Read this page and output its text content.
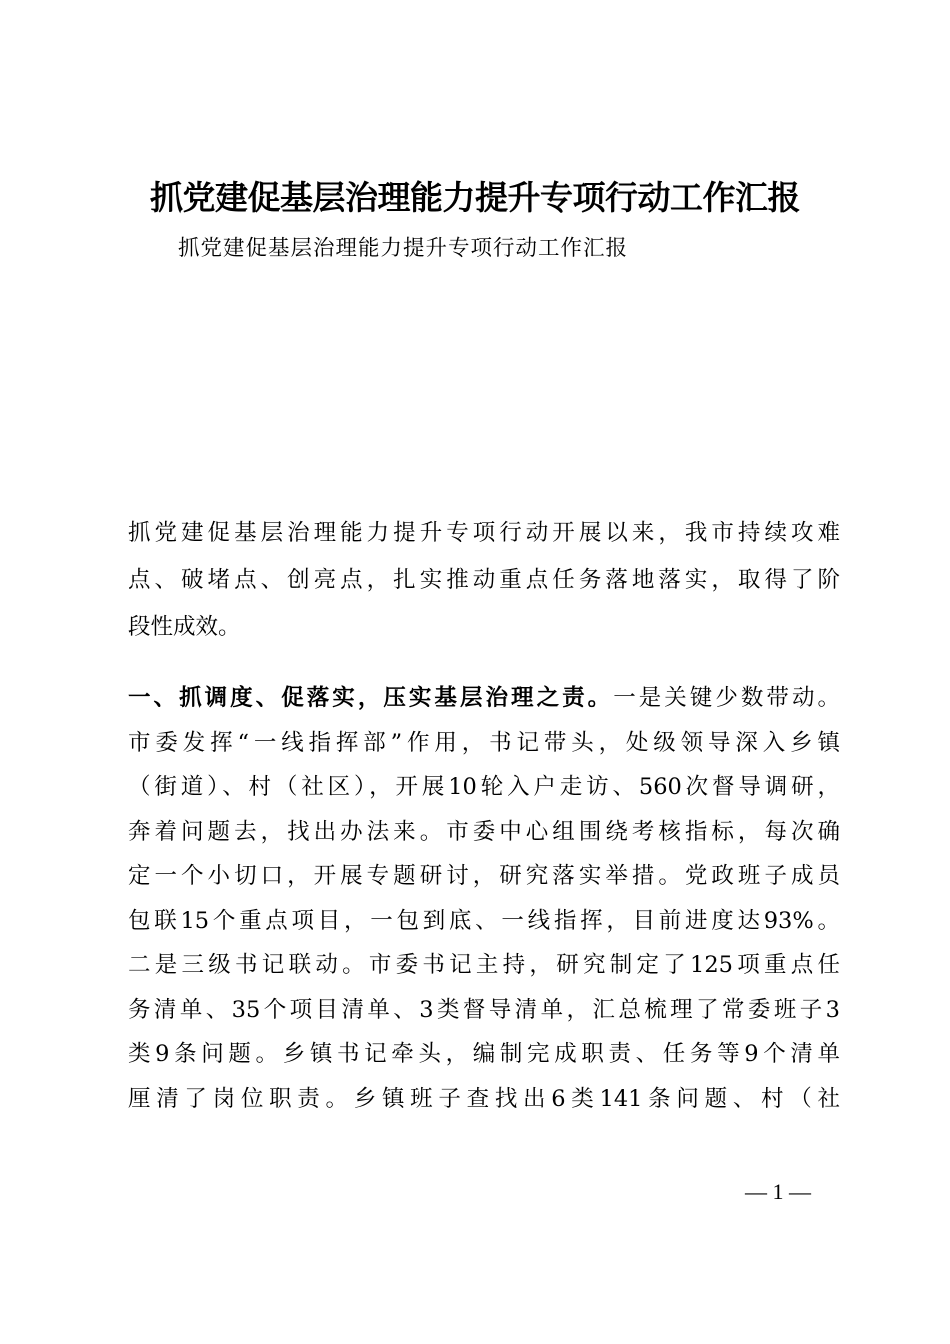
抓党建促基层治理能力提升专项行动工作汇报

抓党建促基层治理能力提升专项行动工作汇报

抓党建促基层治理能力提升专项行动开展以来，我市持续攻难
点、破堵点、创亮点，扎实推动重点任务落地落实，取得了阶
段性成效。
一、抓调度、促落实，压实基层治理之责。一是关键少数带动。
市委发挥“一线指挥部”作用，书记带头，处级领导深入乡镇
（街道）、村（社区），开展10轮入户走访、560次督导调研，
奔着问题去，找出办法来。市委中心组围绕考核指标，每次确
定一个小切口，开展专题研讨，研究落实举措。党政班子成员
包联15个重点项目，一包到底、一线指挥，目前进度达93%。
二是三级书记联动。市委书记主持，研究制定了125项重点任
务清单、35个项目清单、3类督导清单，汇总梳理了常委班子3
类9条问题。乡镇书记牵头，编制完成职责、任务等9个清单
厘清了岗位职责。乡镇班子查找出6类141条问题、村（社
— 1 —
